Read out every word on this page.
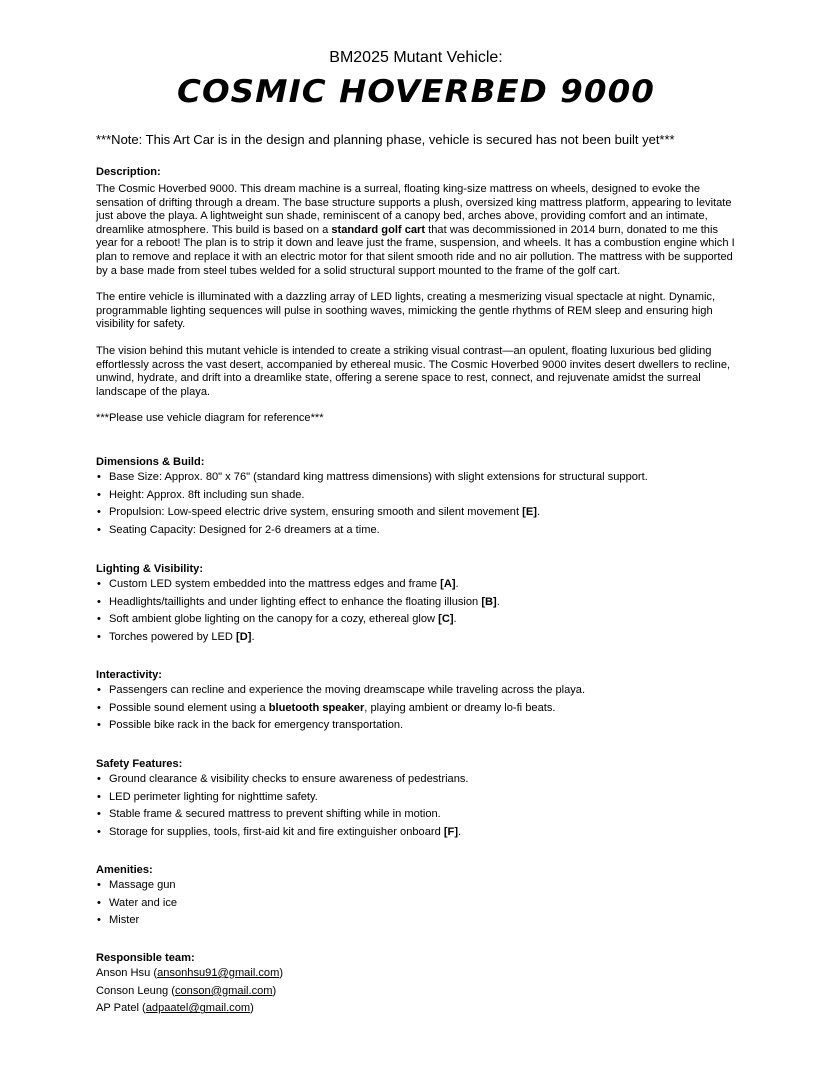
BM2025 Mutant Vehicle:
COSMIC HOVERBED 9000
***Note: This Art Car is in the design and planning phase, vehicle is secured has not been built yet***

Description:

The Cosmic Hoverbed 9000. This dream machine is a surreal, floating king-size mattress on wheels, designed to evoke the sensation of drifting through a dream. The base structure supports a plush, oversized king mattress platform, appearing to levitate just above the playa. A lightweight sun shade, reminiscent of a canopy bed, arches above, providing comfort and an intimate, dreamlike atmosphere. This build is based on a standard golf cart that was decommissioned in 2014 burn, donated to me this year for a reboot! The plan is to strip it down and leave just the frame, suspension, and wheels. It has a combustion engine which I plan to remove and replace it with an electric motor for that silent smooth ride and no air pollution. The mattress with be supported by a base made from steel tubes welded for a solid structural support mounted to the frame of the golf cart.

The entire vehicle is illuminated with a dazzling array of LED lights, creating a mesmerizing visual spectacle at night. Dynamic, programmable lighting sequences will pulse in soothing waves, mimicking the gentle rhythms of REM sleep and ensuring high visibility for safety.

The vision behind this mutant vehicle is intended to create a striking visual contrast—an opulent, floating luxurious bed gliding effortlessly across the vast desert, accompanied by ethereal music. The Cosmic Hoverbed 9000 invites desert dwellers to recline, unwind, hydrate, and drift into a dreamlike state, offering a serene space to rest, connect, and rejuvenate amidst the surreal landscape of the playa.

***Please use vehicle diagram for reference***

Dimensions & Build:

• Base Size: Approx. 80" x 76" (standard king mattress dimensions) with slight extensions for structural support.
• Height: Approx. 8ft including sun shade.
• Propulsion: Low-speed electric drive system, ensuring smooth and silent movement [E].
• Seating Capacity: Designed for 2-6 dreamers at a time.

Lighting & Visibility:

• Custom LED system embedded into the mattress edges and frame [A].
• Headlights/taillights and under lighting effect to enhance the floating illusion [B].
• Soft ambient globe lighting on the canopy for a cozy, ethereal glow [C].
• Torches powered by LED [D].

Interactivity:

• Passengers can recline and experience the moving dreamscape while traveling across the playa.
• Possible sound element using a bluetooth speaker, playing ambient or dreamy lo-fi beats.
• Possible bike rack in the back for emergency transportation.

Safety Features:

• Ground clearance & visibility checks to ensure awareness of pedestrians.
• LED perimeter lighting for nighttime safety.
• Stable frame & secured mattress to prevent shifting while in motion.
• Storage for supplies, tools, first-aid kit and fire extinguisher onboard [F].

Amenities:

• Massage gun
• Water and ice
• Mister

Responsible team:

Anson Hsu (ansonhsu91@gmail.com)
Conson Leung (conson@gmail.com)
AP Patel (adpaatel@gmail.com)
